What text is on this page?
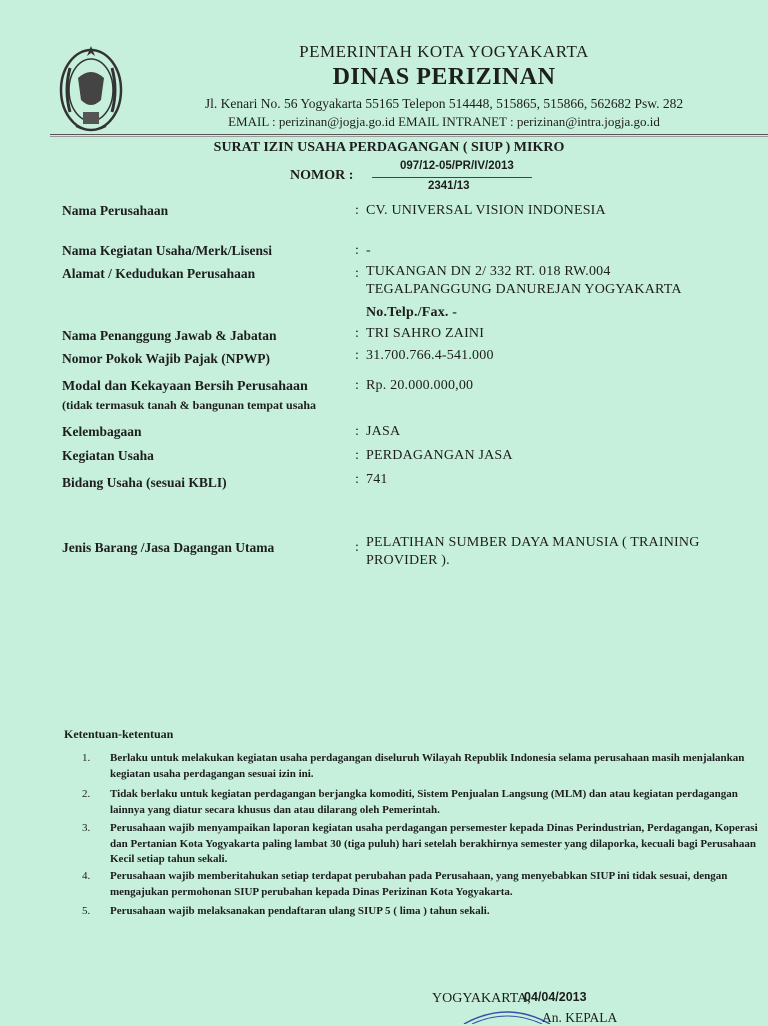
PEMERINTAH KOTA YOGYAKARTA
DINAS PERIZINAN
Jl. Kenari No. 56 Yogyakarta 55165 Telepon 514448, 515865, 515866, 562682 Psw. 282
EMAIL : perizinan@jogja.go.id EMAIL INTRANET : perizinan@intra.jogja.go.id
SURAT IZIN USAHA PERDAGANGAN ( SIUP ) MIKRO
NOMOR :
097/12-05/PR/IV/2013
2341/13
Nama Perusahaan	: CV. UNIVERSAL VISION INDONESIA
Nama Kegiatan Usaha/Merk/Lisensi	: -
Alamat / Kedudukan Perusahaan	: TUKANGAN DN 2/ 332 RT. 018 RW.004
TEGALPANGGUNG DANUREJAN YOGYAKARTA
No.Telp./Fax. -
Nama Penanggung Jawab & Jabatan	: TRI SAHRO ZAINI
Nomor Pokok Wajib Pajak (NPWP)	: 31.700.766.4-541.000
Modal dan Kekayaan Bersih Perusahaan
(tidak termasuk tanah & bangunan tempat usaha
: Rp. 20.000.000,00
Kelembagaan	: JASA
Kegiatan Usaha	: PERDAGANGAN JASA
Bidang Usaha (sesuai KBLI)	: 741
Jenis Barang /Jasa Dagangan Utama	: PELATIHAN SUMBER DAYA MANUSIA ( TRAINING
PROVIDER ).
Ketentuan-ketentuan
1. Berlaku untuk melakukan kegiatan usaha perdagangan diseluruh Wilayah Republik Indonesia selama perusahaan masih menjalankan kegiatan usaha perdagangan sesuai izin ini.
2. Tidak berlaku untuk kegiatan perdagangan berjangka komoditi, Sistem Penjualan Langsung (MLM) dan atau kegiatan perdagangan lainnya yang diatur secara khusus dan atau dilarang oleh Pemerintah.
3. Perusahaan wajib menyampaikan laporan kegiatan usaha perdagangan persemester kepada Dinas Perindustrian, Perdagangan, Koperasi dan Pertanian Kota Yogyakarta paling lambat 30 (tiga puluh) hari setelah berakhirnya semester yang dilaporka, kecuali bagi Perusahaan Kecil setiap tahun sekali.
4. Perusahaan wajib memberitahukan setiap terdapat perubahan pada Perusahaan, yang menyebabkan SIUP ini tidak sesuai, dengan mengajukan permohonan SIUP perubahan kepada Dinas Perizinan Kota Yogyakarta.
5. Perusahaan wajib melaksanakan pendaftaran ulang SIUP 5 ( lima ) tahun sekali.
YOGYAKARTA,
04/04/2013
An. KEPALA
